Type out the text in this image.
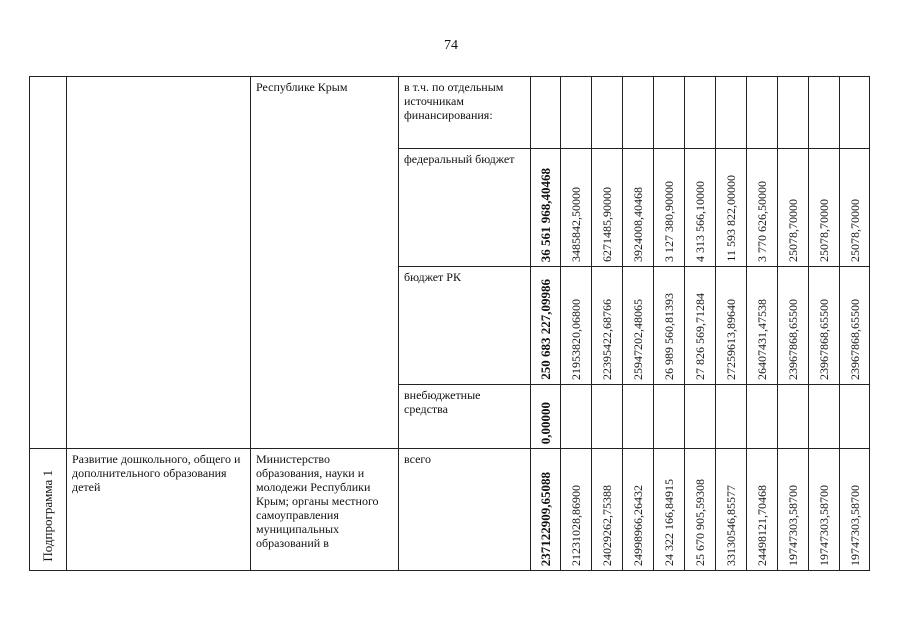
74
		Республике Крым	в т.ч. по отдельным источникам финансирования:											
			федеральный бюджет	36 561 968,40468	3485842,50000	6271485,90000	3924008,40468	3 127 380,90000	4 313 566,10000	11 593 822,00000	3 770 626,50000	25078,70000	25078,70000	25078,70000

			бюджет РК	250 683 227,09986	21953820,06800	22395422,68766	25947202,48065	26 989 560,81393	27 826 569,71284	27259613,89640	26407431,47538	23967868,65500	23967868,65500	23967868,65500

			внебюджетные средства	0,00000										

Подпрограмма 1	Развитие дошкольного, общего и дополнительного образования детей	Министерство образования, науки и молодежи Республики Крым; органы местного самоуправления муниципальных образований в	всего	237122909,65088	21231028,86900	24029262,75388	24998966,26432	24 322 166,84915	25 670 905,59308	33130546,85577	24498121,70468	19747303,58700	19747303,58700	19747303,58700
